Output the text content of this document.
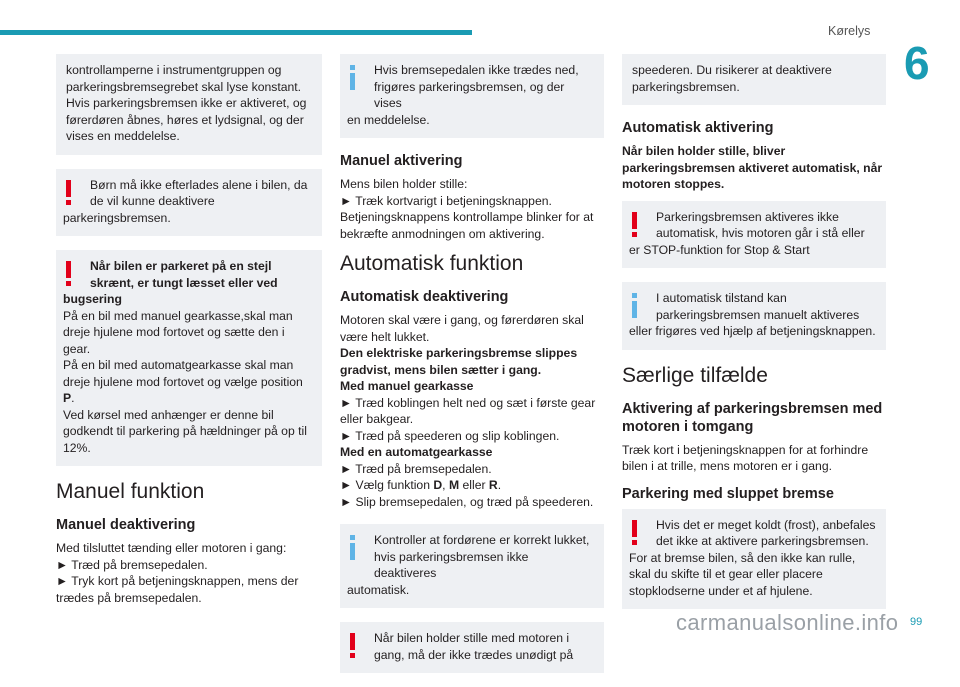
Kørelys
6
kontrollamperne i instrumentgruppen og parkeringsbremsegrebet skal lyse konstant. Hvis parkeringsbremsen ikke er aktiveret, og førerdøren åbnes, høres et lydsignal, og der vises en meddelelse.
Børn må ikke efterlades alene i bilen, da de vil kunne deaktivere
parkeringsbremsen.
Når bilen er parkeret på en stejl skrænt, er tungt læsset eller ved
bugsering
På en bil med manuel gearkasse,skal man dreje hjulene mod fortovet og sætte den i gear.
På en bil med automatgearkasse skal man dreje hjulene mod fortovet og vælge position P.
Ved kørsel med anhænger er denne bil godkendt til parkering på hældninger på op til 12%.
Manuel funktion
Manuel deaktivering

Med tilsluttet tænding eller motoren i gang:

► Træd på bremsepedalen.

► Tryk kort på betjeningsknappen, mens der trædes på bremsepedalen.

Hvis bremsepedalen ikke trædes ned, frigøres parkeringsbremsen, og der vises
en meddelelse.
Manuel aktivering

Mens bilen holder stille:

► Træk kortvarigt i betjeningsknappen.

Betjeningsknappens kontrollampe blinker for at bekræfte anmodningen om aktivering.

Automatisk funktion
Automatisk deaktivering

Motoren skal være i gang, og førerdøren skal være helt lukket.

Den elektriske parkeringsbremse slippes gradvist, mens bilen sætter i gang.

Med manuel gearkasse

► Træd koblingen helt ned og sæt i første gear eller bakgear.

► Træd på speederen og slip koblingen.

Med en automatgearkasse

► Træd på bremsepedalen.

► Vælg funktion D, M eller R.

► Slip bremsepedalen, og træd på speederen.

Kontroller at fordørene er korrekt lukket, hvis parkeringsbremsen ikke deaktiveres
automatisk.
Når bilen holder stille med motoren i gang, må der ikke trædes unødigt på
speederen. Du risikerer at deaktivere parkeringsbremsen.
Automatisk aktivering

Når bilen holder stille, bliver parkeringsbremsen aktiveret automatisk, når motoren stoppes.

Parkeringsbremsen aktiveres ikke automatisk, hvis motoren går i stå eller
er STOP-funktion for Stop & Start
I automatisk tilstand kan parkeringsbremsen manuelt aktiveres
eller frigøres ved hjælp af betjeningsknappen.
Særlige tilfælde
Aktivering af parkeringsbremsen med motoren i tomgang

Træk kort i betjeningsknappen for at forhindre bilen i at trille, mens motoren er i gang.

Parkering med sluppet bremse
Hvis det er meget koldt (frost), anbefales det ikke at aktivere parkeringsbremsen.
For at bremse bilen, så den ikke kan rulle, skal du skifte til et gear eller placere stopklodserne under et af hjulene.
99
carmanualsonline.info
